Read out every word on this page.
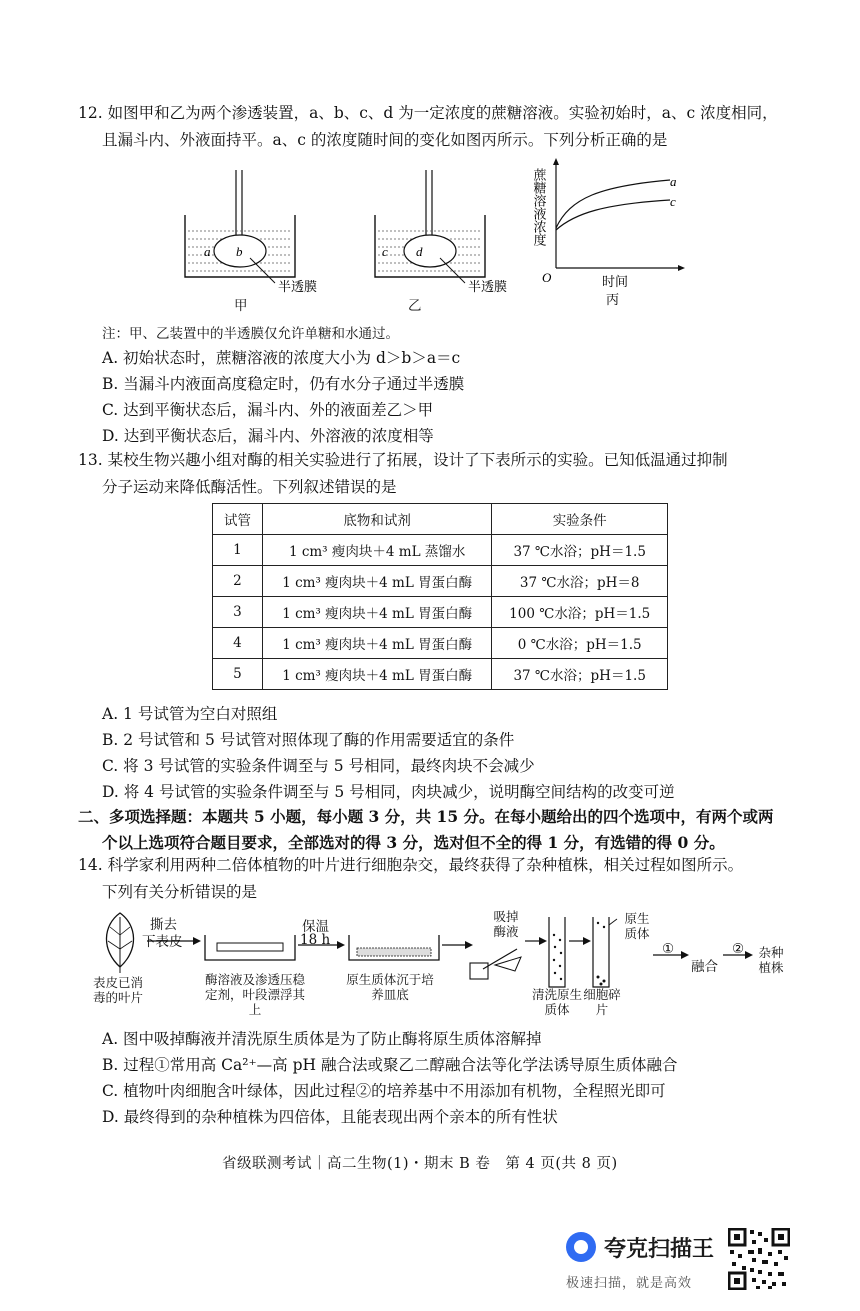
12. 如图甲和乙为两个渗透装置，a、b、c、d 为一定浓度的蔗糖溶液。实验初始时，a、c 浓度相同，
且漏斗内、外液面持平。a、c 的浓度随时间的变化如图丙所示。下列分析正确的是
a b
半透膜
甲
c d
半透膜
乙
蔗糖溶液浓度	a
c
O	时间
丙
注：甲、乙装置中的半透膜仅允许单糖和水通过。
A. 初始状态时，蔗糖溶液的浓度大小为 d＞b＞a＝c
B. 当漏斗内液面高度稳定时，仍有水分子通过半透膜
C. 达到平衡状态后，漏斗内、外的液面差乙＞甲
D. 达到平衡状态后，漏斗内、外溶液的浓度相等
13. 某校生物兴趣小组对酶的相关实验进行了拓展，设计了下表所示的实验。已知低温通过抑制
分子运动来降低酶活性。下列叙述错误的是
试管	底物和试剂	实验条件
1	1 cm³ 瘦肉块＋4 mL 蒸馏水	37 ℃水浴；pH＝1.5
2	1 cm³ 瘦肉块＋4 mL 胃蛋白酶	37 ℃水浴；pH＝8
3	1 cm³ 瘦肉块＋4 mL 胃蛋白酶	100 ℃水浴；pH＝1.5
4	1 cm³ 瘦肉块＋4 mL 胃蛋白酶	0 ℃水浴；pH＝1.5
5	1 cm³ 瘦肉块＋4 mL 胃蛋白酶	37 ℃水浴；pH＝1.5
A. 1 号试管为空白对照组
B. 2 号试管和 5 号试管对照体现了酶的作用需要适宜的条件
C. 将 3 号试管的实验条件调至与 5 号相同，最终肉块不会减少
D. 将 4 号试管的实验条件调至与 5 号相同，肉块减少，说明酶空间结构的改变可逆
二、多项选择题：本题共 5 小题，每小题 3 分，共 15 分。在每小题给出的四个选项中，有两个或两
个以上选项符合题目要求，全部选对的得 3 分，选对但不全的得 1 分，有选错的得 0 分。
14. 科学家利用两种二倍体植物的叶片进行细胞杂交，最终获得了杂种植株，相关过程如图所示。
下列有关分析错误的是
表皮已消毒的叶片
撕去
下表皮
酶溶液及渗透压稳定剂，叶段漂浮其上
保温
18 h
原生质体沉于培养皿底
吸掉酶液
清洗原生质体
原生质体
细胞碎片
①
融合
② 杂种植株
A. 图中吸掉酶液并清洗原生质体是为了防止酶将原生质体溶解掉
B. 过程①常用高 Ca²⁺—高 pH 融合法或聚乙二醇融合法等化学法诱导原生质体融合
C. 植物叶肉细胞含叶绿体，因此过程②的培养基中不用添加有机物，全程照光即可
D. 最终得到的杂种植株为四倍体，且能表现出两个亲本的所有性状
省级联测考试｜高二生物(1)・期末 B 卷　第 4 页(共 8 页)
夸克扫描王
极速扫描，就是高效
